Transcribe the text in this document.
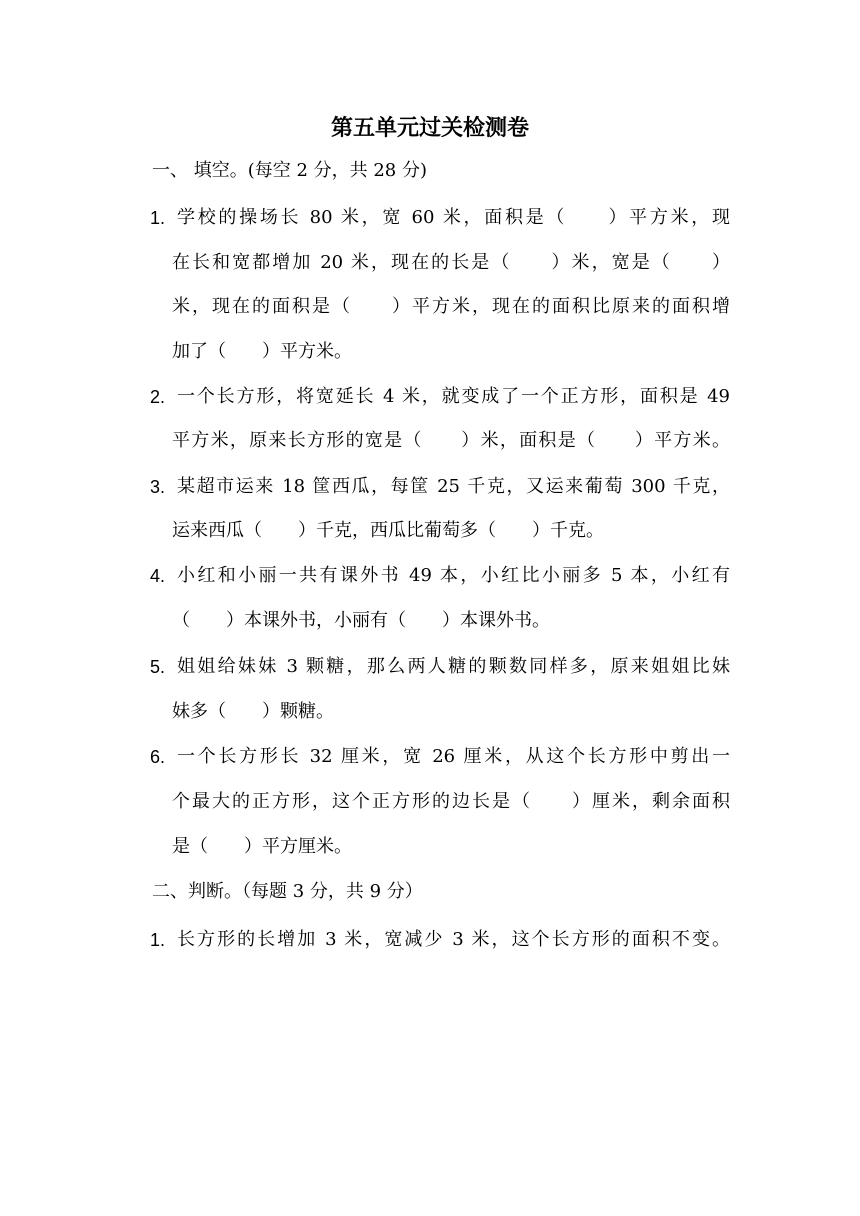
第五单元过关检测卷
一、 填空。(每空 2 分，共 28 分)
1. 学校的操场长 80 米，宽 60 米，面积是（　　）平方米，现
在长和宽都增加 20 米，现在的长是（　　）米，宽是（　　）
米，现在的面积是（　　）平方米，现在的面积比原来的面积增
加了（　　）平方米。
2. 一个长方形，将宽延长 4 米，就变成了一个正方形，面积是 49
平方米，原来长方形的宽是（　　）米，面积是（　　）平方米。
3. 某超市运来 18 筐西瓜，每筐 25 千克，又运来葡萄 300 千克，
运来西瓜（　　）千克，西瓜比葡萄多（　　）千克。
4. 小红和小丽一共有课外书 49 本，小红比小丽多 5 本，小红有
（　　）本课外书，小丽有（　　）本课外书。
5. 姐姐给妹妹 3 颗糖，那么两人糖的颗数同样多，原来姐姐比妹
妹多（　　）颗糖。
6. 一个长方形长 32 厘米，宽 26 厘米，从这个长方形中剪出一
个最大的正方形，这个正方形的边长是（　　）厘米，剩余面积
是（　　）平方厘米。
二、判断。（每题 3 分，共 9 分）
1. 长方形的长增加 3 米，宽减少 3 米，这个长方形的面积不变。
